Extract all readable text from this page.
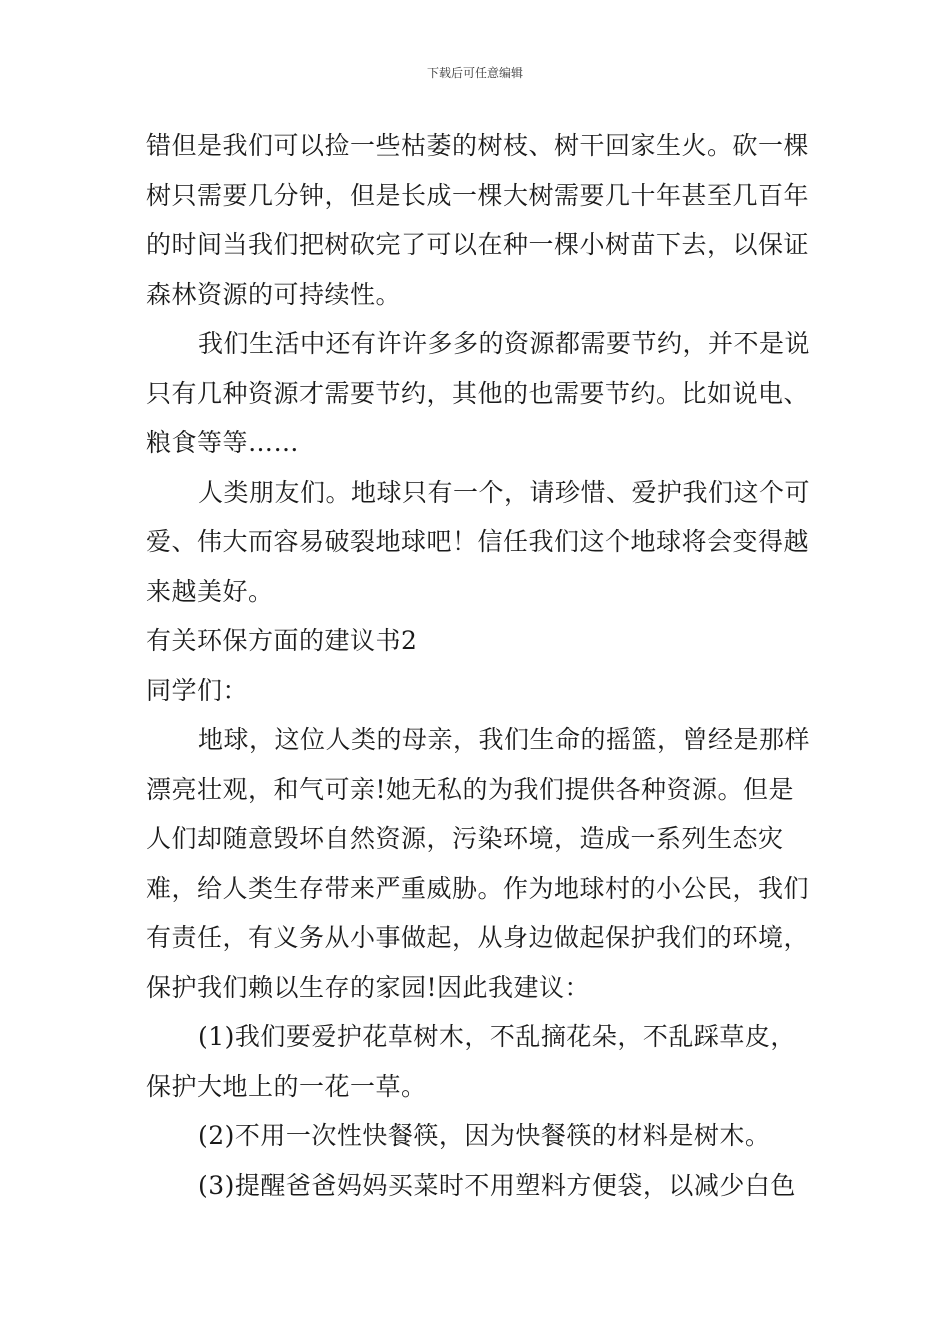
下载后可任意编辑

错但是我们可以捡一些枯萎的树枝、树干回家生火。砍一棵树只需要几分钟，但是长成一棵大树需要几十年甚至几百年的时间当我们把树砍完了可以在种一棵小树苗下去，以保证森林资源的可持续性。

我们生活中还有许许多多的资源都需要节约，并不是说只有几种资源才需要节约，其他的也需要节约。比如说电、粮食等等……

人类朋友们。地球只有一个，请珍惜、爱护我们这个可爱、伟大而容易破裂地球吧！信任我们这个地球将会变得越来越美好。

有关环保方面的建议书2

同学们：

地球，这位人类的母亲，我们生命的摇篮，曾经是那样漂亮壮观，和气可亲!她无私的为我们提供各种资源。但是人们却随意毁坏自然资源，污染环境，造成一系列生态灾难，给人类生存带来严重威胁。作为地球村的小公民，我们有责任，有义务从小事做起，从身边做起保护我们的环境，保护我们赖以生存的家园!因此我建议：

(1)我们要爱护花草树木，不乱摘花朵，不乱踩草皮，保护大地上的一花一草。

(2)不用一次性快餐筷，因为快餐筷的材料是树木。

(3)提醒爸爸妈妈买菜时不用塑料方便袋，以减少白色
